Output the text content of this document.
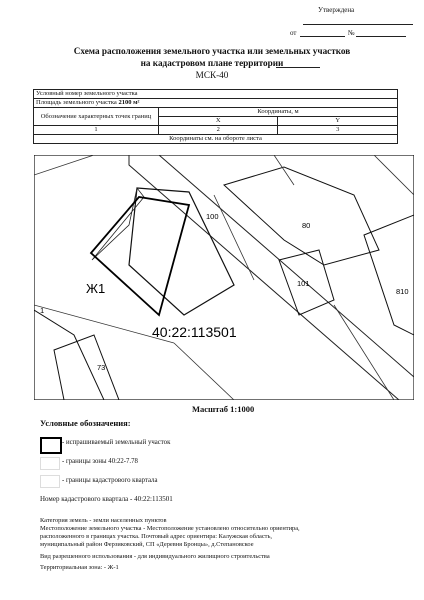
Утверждена
от	№
Схема расположения земельного участка или земельных участков
на кадастровом плане территории
МСК-40
Условный номер земельного участка		
Площадь земельного участка 2100 м²		
Обозначение характерных точек границ	Координаты, м	
	X	Y
1	2	3
Координаты см. на обороте листа		
Ж1
40:22:113501
100
80
101
810
73
1
Масштаб 1:1000
Условные обозначения:
- испрашиваемый земельный участок
- границы зоны 40:22-7.78
- границы кадастрового квартала
Номер кадастрового квартала - 40:22:113501
Категория земель - земли населенных пунктов
Местоположение земельного участка - Местоположение установлено относительно ориентира,
расположенного в границах участка. Почтовый адрес ориентира: Калужская область,
муниципальный район Ферзиковский, СП «Деревня Бронцы», д.Степановское
Вид разрешенного использования - для индивидуального жилищного строительства
Территориальная зона: - Ж-1
